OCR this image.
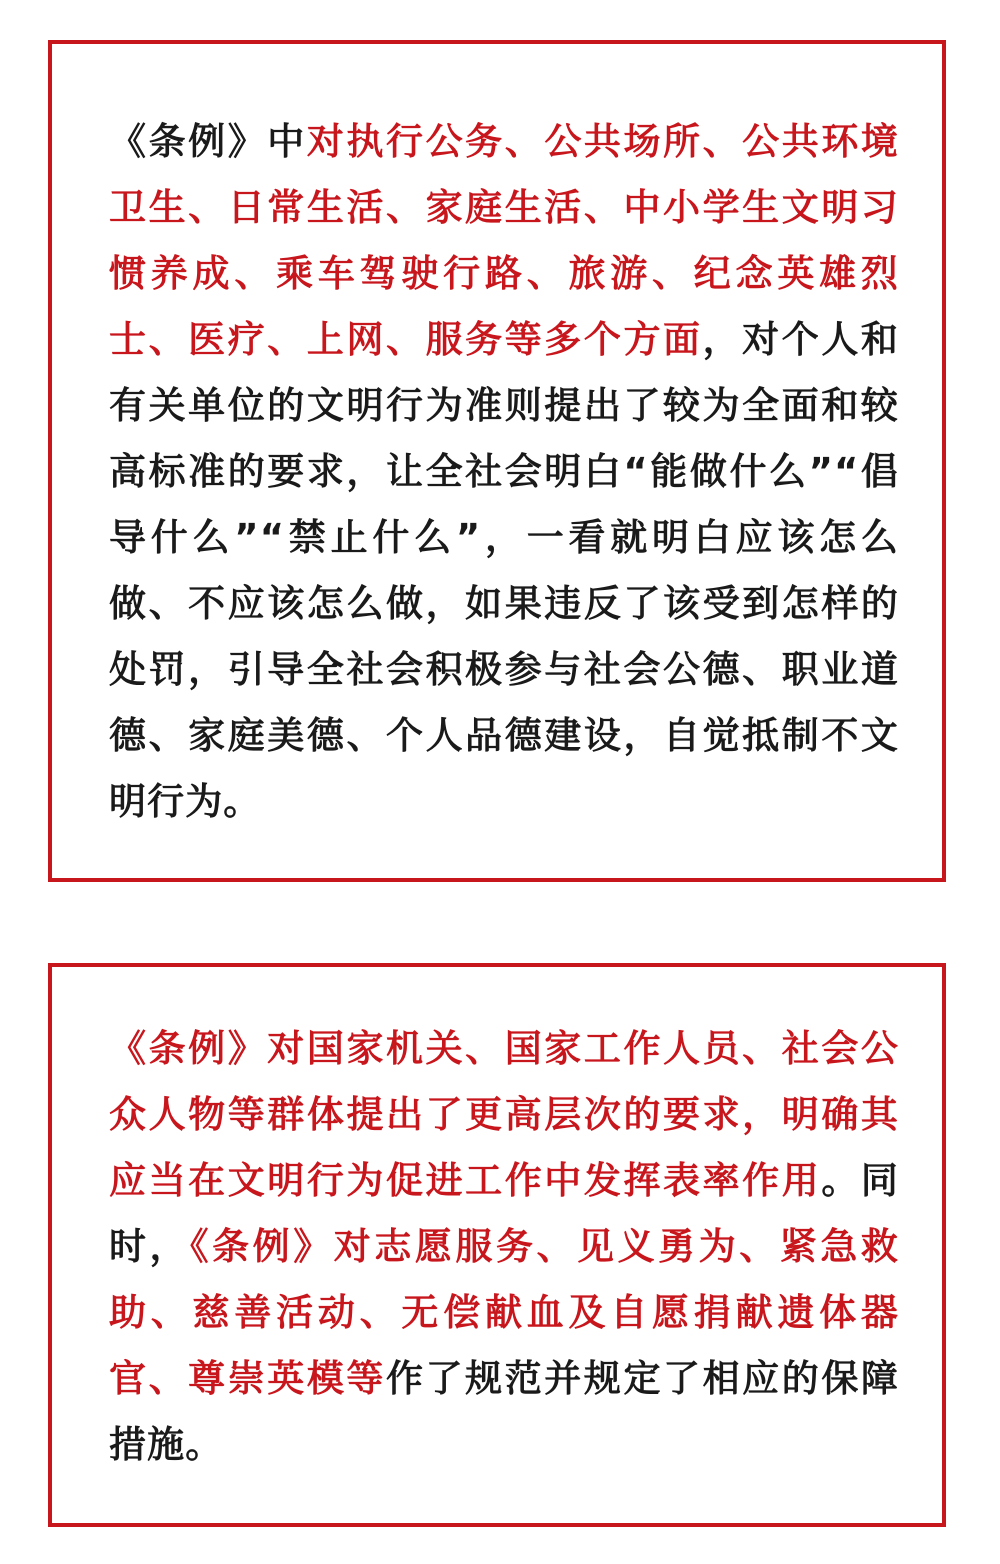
《条例》中对执行公务、公共场所、公共环境卫生、日常生活、家庭生活、中小学生文明习惯养成、乘车驾驶行路、旅游、纪念英雄烈士、医疗、上网、服务等多个方面，对个人和有关单位的文明行为准则提出了较为全面和较高标准的要求，让全社会明白“能做什么”“倡导什么”“禁止什么”，一看就明白应该怎么做、不应该怎么做，如果违反了该受到怎样的处罚，引导全社会积极参与社会公德、职业道德、家庭美德、个人品德建设，自觉抵制不文明行为。

《条例》对国家机关、国家工作人员、社会公众人物等群体提出了更高层次的要求，明确其应当在文明行为促进工作中发挥表率作用。同时，《条例》对志愿服务、见义勇为、紧急救助、慈善活动、无偿献血及自愿捐献遗体器官、尊崇英模等作了规范并规定了相应的保障措施。
